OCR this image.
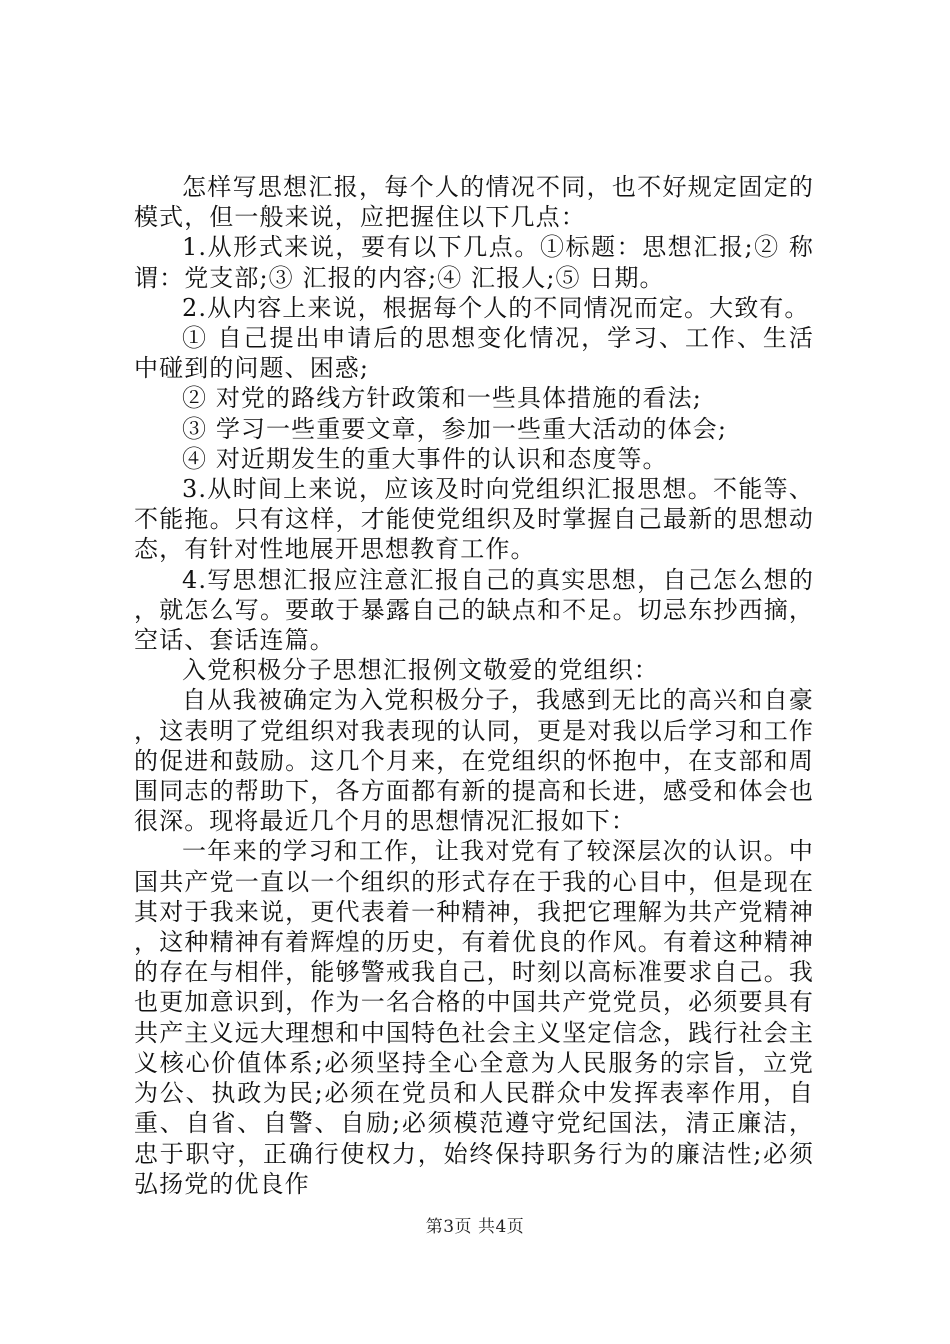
怎样写思想汇报，每个人的情况不同，也不好规定固定的模式，但一般来说，应把握住以下几点：

1.从形式来说，要有以下几点。①标题：思想汇报;② 称谓：党支部;③ 汇报的内容;④ 汇报人;⑤ 日期。

2.从内容上来说，根据每个人的不同情况而定。大致有。

① 自己提出申请后的思想变化情况，学习、工作、生活中碰到的问题、困惑;

② 对党的路线方针政策和一些具体措施的看法;

③ 学习一些重要文章，参加一些重大活动的体会;

④ 对近期发生的重大事件的认识和态度等。

3.从时间上来说，应该及时向党组织汇报思想。不能等、不能拖。只有这样，才能使党组织及时掌握自己最新的思想动态，有针对性地展开思想教育工作。

4.写思想汇报应注意汇报自己的真实思想，自己怎么想的，就怎么写。要敢于暴露自己的缺点和不足。切忌东抄西摘，空话、套话连篇。

入党积极分子思想汇报例文敬爱的党组织：

自从我被确定为入党积极分子，我感到无比的高兴和自豪，这表明了党组织对我表现的认同，更是对我以后学习和工作的促进和鼓励。这几个月来，在党组织的怀抱中，在支部和周围同志的帮助下，各方面都有新的提高和长进，感受和体会也很深。现将最近几个月的思想情况汇报如下：

一年来的学习和工作，让我对党有了较深层次的认识。中国共产党一直以一个组织的形式存在于我的心目中，但是现在其对于我来说，更代表着一种精神，我把它理解为共产党精神，这种精神有着辉煌的历史，有着优良的作风。有着这种精神的存在与相伴，能够警戒我自己，时刻以高标准要求自己。我也更加意识到，作为一名合格的中国共产党党员，必须要具有共产主义远大理想和中国特色社会主义坚定信念，践行社会主义核心价值体系;必须坚持全心全意为人民服务的宗旨，立党为公、执政为民;必须在党员和人民群众中发挥表率作用，自重、自省、自警、自励;必须模范遵守党纪国法，清正廉洁，忠于职守，正确行使权力，始终保持职务行为的廉洁性;必须弘扬党的优良作

第3页 共4页
